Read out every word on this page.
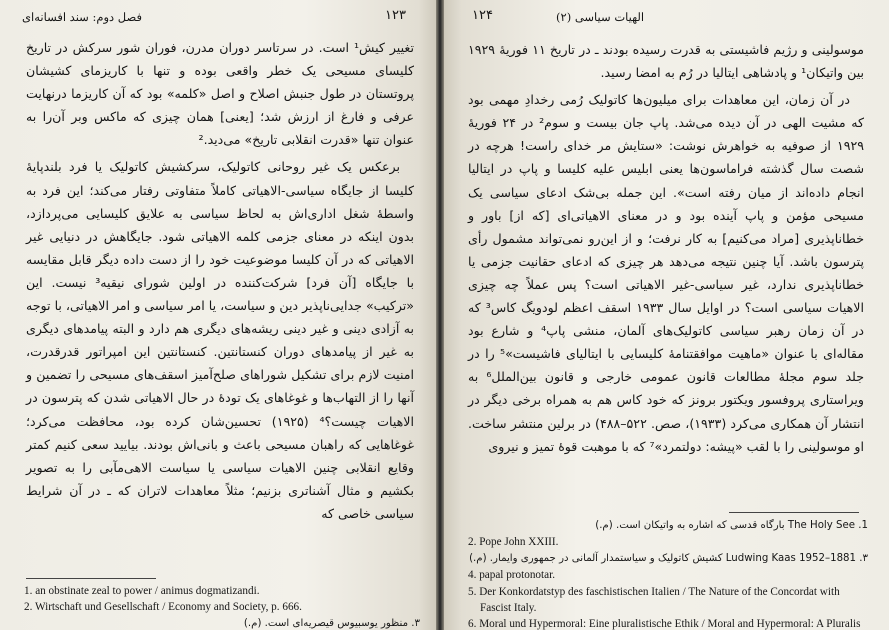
فصل دوم: سند افسانه‌ای	۱۲۳

تغییر کیش¹ است. در سرتاسر دوران مدرن، فوران شور سرکش در تاریخ کلیسای مسیحی یک خطر واقعی بوده و تنها با کاریزمای کشیشان پروتستان در طول جنبش اصلاح و اصل «کلمه» بود که آن کاریزما درنهایت عرفی و فارغ از ارزش شد؛ [یعنی] همان چیزی که ماکس وبر آن‌را به عنوان تنها «قدرت انقلابی تاریخ» می‌دید.²

برعکس یک غیر روحانی کاتولیک، سرکشیش کاتولیک یا فرد بلندپایهٔ کلیسا از جایگاه سیاسی-الاهیاتی کاملاً متفاوتی رفتار می‌کند؛ این فرد به واسطهٔ شغل اداری‌اش به لحاظ سیاسی به علایق کلیسایی می‌پردازد، بدون اینکه در معنای جزمی کلمه الاهیاتی شود. جایگاهش در دنیایی غیر الاهیاتی که در آن کلیسا موضوعیت خود را از دست داده دیگر قابل مقایسه با جایگاه [آن فرد] شرکت‌کننده در اولین شورای نیقیه³ نیست. این «ترکیب» جدایی‌ناپذیر دین و سیاست، یا امر سیاسی و امر الاهیاتی، با توجه به آزادی دینی و غیر دینی ریشه‌های دیگری هم دارد و البته پیامدهای دیگری به غیر از پیامدهای دوران کنستانتین. کنستانتین این امپراتور قدرقدرت، امنیت لازم برای تشکیل شوراهای صلح‌آمیز اسقف‌های مسیحی را تضمین و آنها را از التهاب‌ها و غوغاهای یک تودهٔ در حال الاهیاتی شدن که پترسون در الاهیات چیست؟⁴ (۱۹۲۵) تحسین‌شان کرده بود، محافظت می‌کرد؛ غوغاهایی که راهبان مسیحی باعث و بانی‌اش بودند. بیایید سعی کنیم کمتر وقایع انقلابی چنین الاهیات سیاسی یا سیاست الاهی‌مآبی را به تصویر بکشیم و مثال آشناتری بزنیم؛ مثلاً معاهدات لاتران که ـ در آن شرایط سیاسی خاصی که

1. an obstinate zeal to power / animus dogmatizandi.
2. Wirtschaft und Gesellschaft / Economy and Society, p. 666.
۳. منظور یوسبیوس قیصریه‌ای است. (م.)
۱۲۴	الهیات سیاسی (۲)

موسولینی و رژیم فاشیستی به قدرت رسیده بودند ـ در تاریخ ۱۱ فوریهٔ ۱۹۲۹ بین واتیکان¹ و پادشاهی ایتالیا در رُم به امضا رسید.

در آن زمان، این معاهدات برای میلیون‌ها کاتولیک رُمی رخدادِ مهمی بود که مشیت الهی در آن دیده می‌شد. پاپ جان بیست و سوم² در ۲۴ فوریهٔ ۱۹۲۹ از صوفیه به خواهرش نوشت: «ستایش مر خدای راست! هرچه در شصت سال گذشته فراماسون‌ها یعنی ابلیس علیه کلیسا و پاپ در ایتالیا انجام داده‌اند از میان رفته است». این جمله بی‌شک ادعای سیاسی یک مسیحی مؤمن و پاپ آینده بود و در معنای الاهیاتی‌ای [که از] باور و خطاناپذیری [مراد می‌کنیم] به کار نرفت؛ و از این‌رو نمی‌تواند مشمول رأی پترسون باشد. آیا چنین نتیجه می‌دهد هر چیزی که ادعای حقانیت جزمی یا خطاناپذیری ندارد، غیر سیاسی-غیر الاهیاتی است؟ پس عملاً چه چیزی الاهیات سیاسی است؟ در اوایل سال ۱۹۳۳ اسقف اعظم لودویگ کاس³ که در آن زمان رهبر سیاسی کاتولیک‌های آلمان، منشی پاپ⁴ و شارع بود مقاله‌ای با عنوان «ماهیت موافقتنامهٔ کلیسایی با ایتالیای فاشیست»⁵ را در جلد سوم مجلهٔ مطالعات قانون عمومی خارجی و قانون بین‌الملل⁶ به ویراستاری پروفسور ویکتور برونز که خود کاس هم به همراه برخی دیگر در انتشار آن همکاری می‌کرد (۱۹۳۳)، صص. ۵۲۲–۴۸۸) در برلین منتشر ساخت. او موسولینی را با لقب «پیشه: دولتمرد»⁷ که با موهبت قوهٔ تمیز و نیروی

1. The Holy See بارگاه قدسی که اشاره به واتیکان است. (م.)
2. Pope John XXIII.
۳. Ludwing Kaas 1952–1881 کشیش کاتولیک و سیاستمدار آلمانی در جمهوری وایمار. (م.)
4. papal protonotar.
5. Der Konkordatstyp des faschistischen Italien / The Nature of the Concordat with
Fascist Italy.
6. Moral und Hypermoral: Eine pluralistische Ethik / Moral and Hypermoral: A Pluralis
